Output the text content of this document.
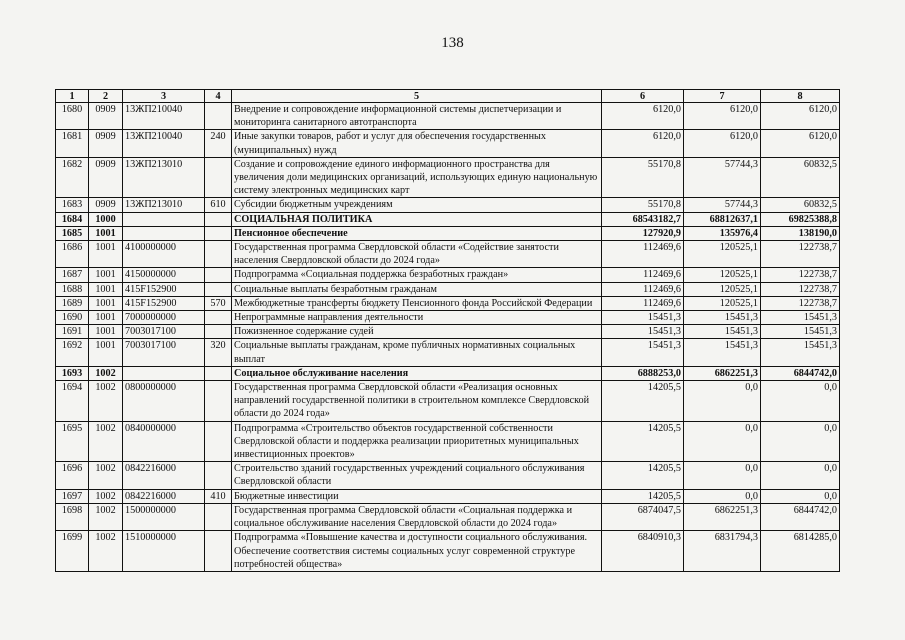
138
1	2	3	4	5	6	7	8
1680	0909	13ЖП210040		Внедрение и сопровождение информационной системы диспетчеризации и мониторинга санитарного автотранспорта	6120,0	6120,0	6120,0
1681	0909	13ЖП210040	240	Иные закупки товаров, работ и услуг для обеспечения государственных (муниципальных) нужд	6120,0	6120,0	6120,0
1682	0909	13ЖП213010		Создание и сопровождение единого информационного пространства для увеличения доли медицинских организаций, использующих единую национальную систему электронных медицинских карт	55170,8	57744,3	60832,5
1683	0909	13ЖП213010	610	Субсидии бюджетным учреждениям	55170,8	57744,3	60832,5
1684	1000			СОЦИАЛЬНАЯ ПОЛИТИКА	68543182,7	68812637,1	69825388,8
1685	1001			Пенсионное обеспечение	127920,9	135976,4	138190,0
1686	1001	4100000000		Государственная программа Свердловской области «Содействие занятости населения Свердловской области до 2024 года»	112469,6	120525,1	122738,7
1687	1001	4150000000		Подпрограмма «Социальная поддержка безработных граждан»	112469,6	120525,1	122738,7
1688	1001	415F152900		Социальные выплаты безработным гражданам	112469,6	120525,1	122738,7
1689	1001	415F152900	570	Межбюджетные трансферты бюджету Пенсионного фонда Российской Федерации	112469,6	120525,1	122738,7
1690	1001	7000000000		Непрограммные направления деятельности	15451,3	15451,3	15451,3
1691	1001	7003017100		Пожизненное содержание судей	15451,3	15451,3	15451,3
1692	1001	7003017100	320	Социальные выплаты гражданам, кроме публичных нормативных социальных выплат	15451,3	15451,3	15451,3
1693	1002			Социальное обслуживание населения	6888253,0	6862251,3	6844742,0
1694	1002	0800000000		Государственная программа Свердловской области «Реализация основных направлений государственной политики в строительном комплексе Свердловской области до 2024 года»	14205,5	0,0	0,0
1695	1002	0840000000		Подпрограмма «Строительство объектов государственной собственности Свердловской области и поддержка реализации приоритетных муниципальных инвестиционных проектов»	14205,5	0,0	0,0
1696	1002	0842216000		Строительство зданий государственных учреждений социального обслуживания Свердловской области	14205,5	0,0	0,0
1697	1002	0842216000	410	Бюджетные инвестиции	14205,5	0,0	0,0
1698	1002	1500000000		Государственная программа Свердловской области «Социальная поддержка и социальное обслуживание населения Свердловской области до 2024 года»	6874047,5	6862251,3	6844742,0
1699	1002	1510000000		Подпрограмма «Повышение качества и доступности социального обслуживания. Обеспечение соответствия системы социальных услуг современной структуре потребностей общества»	6840910,3	6831794,3	6814285,0
